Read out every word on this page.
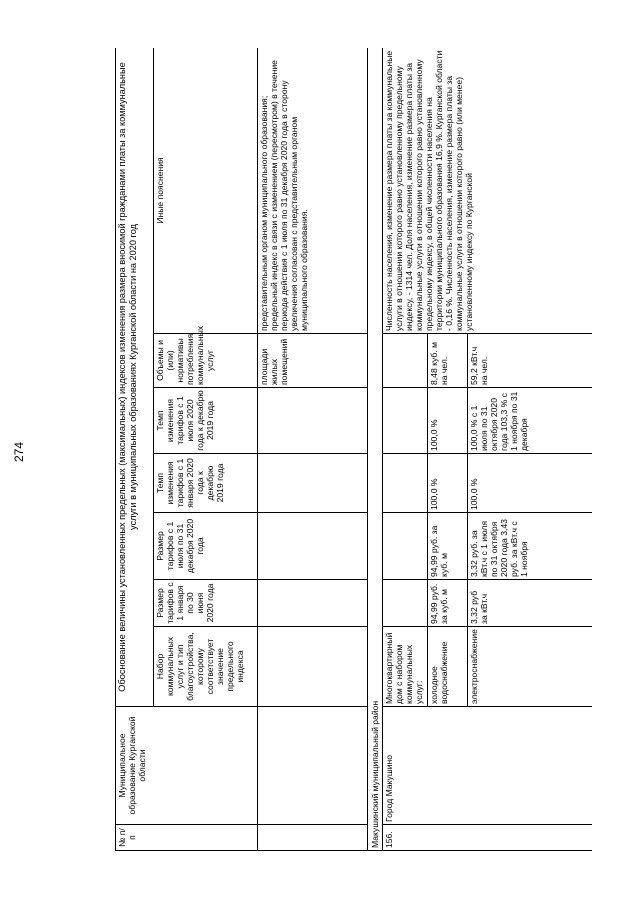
274
№ п/п	Муниципальное образование Курганской области	Обоснование величины установленных предельных (максимальных) индексов изменения размера вносимой гражданами платы за коммунальные услуги в муниципальных образованиях Курганской области на 2020 год						
		Набор коммунальных услуг и тип благоустройства, которому соответствует значение предельного индекса	Размер тарифов с 1 января по 30 июня 2020 года	Размер тарифов с 1 июля по 31 декабря 2020 года	Темп изменения тарифов с 1 января 2020 года к декабрю 2019 года	Темп изменения тарифов с 1 июля 2020 года к декабрю 2019 года	Объемы и (или) нормативы потребления коммунальных услуг	Иные пояснения
							площади жилых помещений	представительным органом муниципального образования; предельный индекс в связи с изменением (пересмотром) в течение периода действия с 1 июля по 31 декабря 2020 года в сторону увеличения согласован с представительным органом муниципального образования.
Макушинский муниципальный район								
156.	Город Макушино	Многоквартирный дом с набором коммунальных услуг:						Численность населения, изменение размера платы за коммунальные услуги в отношении которого равно установленному предельному индексу, - 1314 чел. Доля населения, изменение размера платы за коммунальные услуги в отношении которого равно установленному предельному индексу, в общей численности населения на территории муниципального образования 16,9 %. Курганской области - 0,16 %. Численность населения, изменение размера платы за коммунальные услуги в отношении которого равно (или менее) установленному индексу по Курганской
		холодное водоснабжение	94,99 руб. за куб. м	94,99 руб. за куб. м	100,0 %	100,0 %	8,48 куб. м на чел.	
		электроснабжение	3,32 руб за кВт.ч	3,32 руб. за кВт.ч с 1 июля по 31 октября 2020 года 3,43 руб. за кВт.ч с 1 ноября	100,0 %	100,0 % с 1 июля по 31 октября 2020 года 103,3 % с 1 ноября по 31 декабря	59,2 кВт.ч на чел.	
